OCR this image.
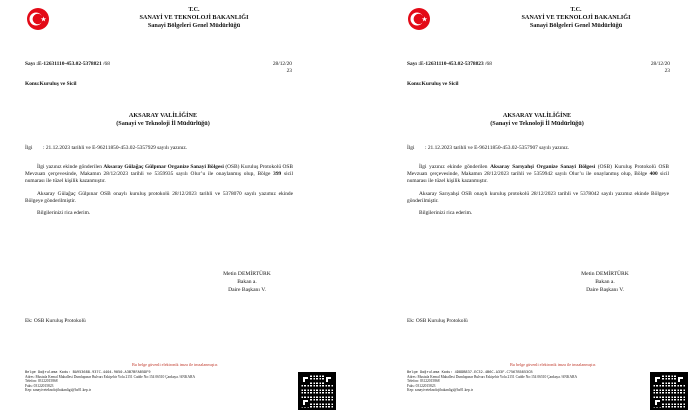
T.C.
SANAYİ VE TEKNOLOJİ BAKANLIĞI
Sanayi Bölgeleri Genel Müdürlüğü
Sayı :E-12631110-453.02-5378821 /68	28/12/20
23
Konu:Kuruluş ve Sicil
AKSARAY VALİLİĞİNE
(Sanayi ve Teknoloji İl Müdürlüğü)
İlgi : 21.12.2023 tarihli ve E-96211850-453.02-5357929 sayılı yazınız.

İlgi yazınız ekinde gönderilen Aksaray Gülağaç Gülpınar Organize Sanayi Bölgesi (OSB) Kuruluş Protokolü OSB Mevzuatı çerçevesinde, Makamın 28/12/2023 tarihli ve 5359935 sayılı Olur’u ile onaylanmış olup, Bölge 399 sicil numarası ile tüzel kişilik kazanmıştır.

Aksaray Gülağaç Gülpınar OSB onaylı kuruluş protokolü 28/12/2023 tarihli ve 5378070 sayılı yazımız ekinde Bölgeye gönderilmiştir.

Bilgilerinizi rica ederim.

Metin DEMİRTÜRK
Bakan a.
Daire Başkanı V.
Ek: OSB Kuruluş Protokolü
Bu belge güvenli elektronik imza ile imzalanmıştır.
Belge Doğrulama Kodu: BA953688-937C-4404-9050-A3B7BFAB5DF9
Adres: Mustafa Kemal Mahallesi Dumlupınar Bulvarı Eskişehir Yolu 2151 Cadde No:154 06510 Çankaya /ANKARA
Telefon: 03122015868
Faks: 03122015823
Kep: sanayiveteknolojibakanligi@hs01.kep.tr
T.C.
SANAYİ VE TEKNOLOJİ BAKANLIĞI
Sanayi Bölgeleri Genel Müdürlüğü
Sayı :E-12631110-453.02-5378823 /68	28/12/20
23
Konu:Kuruluş ve Sicil
AKSARAY VALİLİĞİNE
(Sanayi ve Teknoloji İl Müdürlüğü)
İlgi : 21.12.2023 tarihli ve E-96211850-453.02-5357907 sayılı yazınız.

İlgi yazınız ekinde gönderilen Aksaray Sarıyahşi Organize Sanayi Bölgesi (OSB) Kuruluş Protokolü OSB Mevzuatı çerçevesinde, Makamın 28/12/2023 tarihli ve 5359942 sayılı Olur’u ile onaylanmış olup, Bölge 400 sicil numarası ile tüzel kişilik kazanmıştır.

Aksaray Sarıyahşi OSB onaylı kuruluş protokolü 28/12/2023 tarihli ve 5378042 sayılı yazımız ekinde Bölgeye gönderilmiştir.

Bilgilerinizi rica ederim.

Metin DEMİRTÜRK
Bakan a.
Daire Başkanı V.
Ek: OSB Kuruluş Protokolü
Bu belge güvenli elektronik imza ile imzalanmıştır.
Belge Doğrulama Kodu: 4D8DB837-EC32-4B6C-A33F-C7567B5853CB
Adres: Mustafa Kemal Mahallesi Dumlupınar Bulvarı Eskişehir Yolu 2151 Cadde No:154 06510 Çankaya /ANKARA
Telefon: 03122015868
Faks: 03122015823
Kep: sanayiveteknolojibakanligi@hs01.kep.tr
